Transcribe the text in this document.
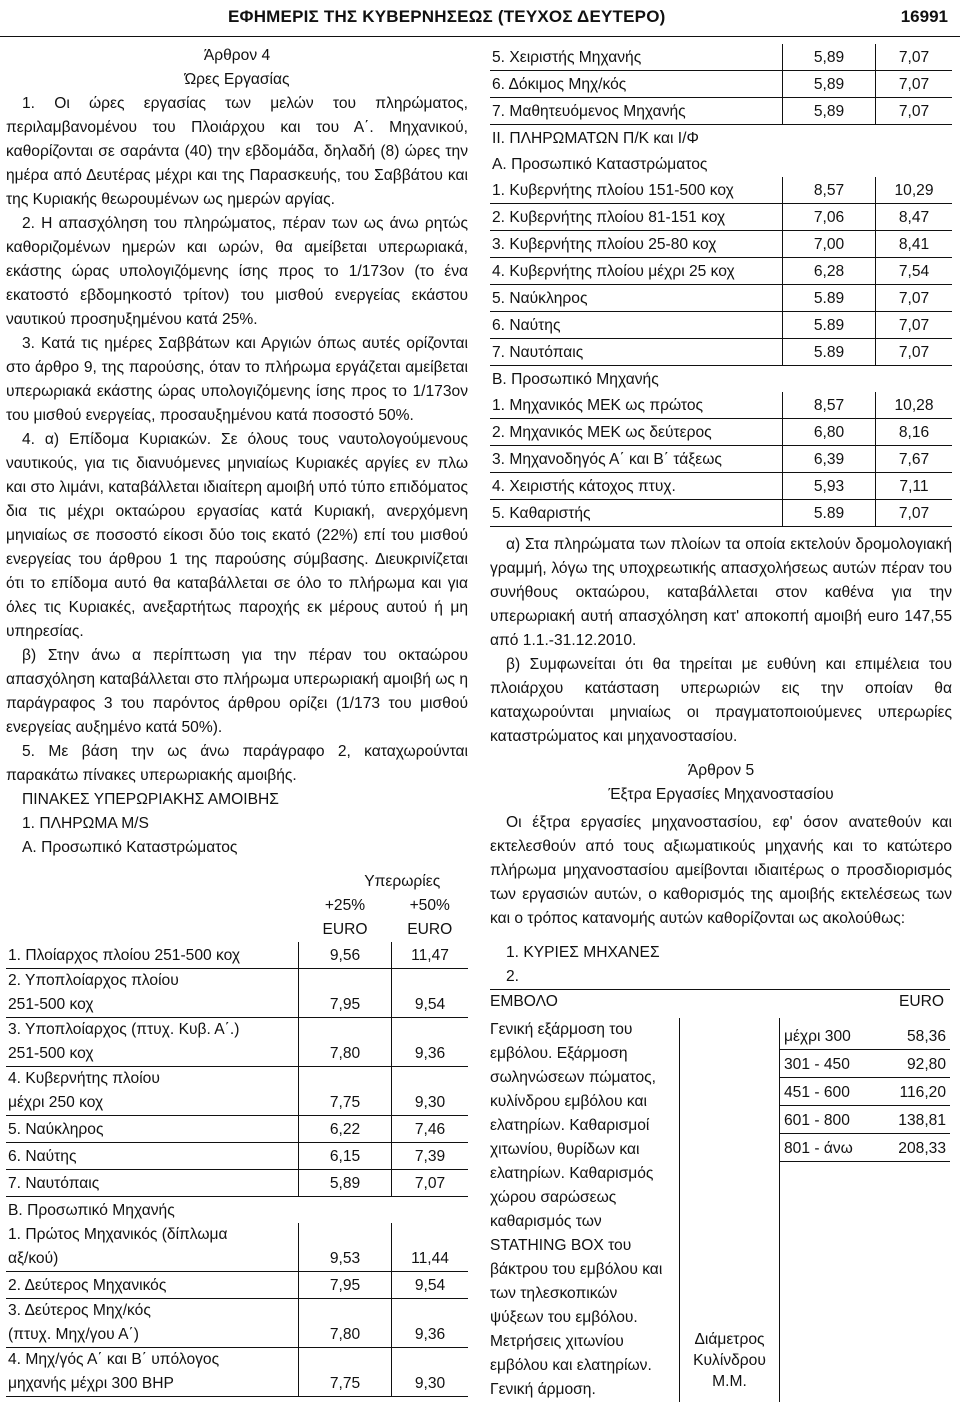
ΕΦΗΜΕΡΙΣ ΤΗΣ ΚΥΒΕΡΝΗΣΕΩΣ (ΤΕΥΧΟΣ ΔΕΥΤΕΡΟ)	16991
Άρθρον 4
Ώρες Εργασίας

1. Οι ώρες εργασίας των μελών του πληρώματος, περιλαμβανομένου του Πλοιάρχου και του Α΄. Μηχανικού, καθορίζονται σε σαράντα (40) την εβδομάδα, δηλαδή (8) ώρες την ημέρα από Δευτέρας μέχρι και της Παρασκευής, του Σαββάτου και της Κυριακής θεωρουμένων ως ημερών αργίας.

2. Η απασχόληση του πληρώματος, πέραν των ως άνω ρητώς καθοριζομένων ημερών και ωρών, θα αμείβεται υπερωριακά, εκάστης ώρας υπολογιζόμενης ίσης προς το 1/173ον (το ένα εκατοστό εβδομηκοστό τρίτον) του μισθού ενεργείας εκάστου ναυτικού προσηυξημένου κατά 25%.

3. Κατά τις ημέρες Σαββάτων και Αργιών όπως αυτές ορίζονται στο άρθρο 9, της παρούσης, όταν το πλήρωμα εργάζεται αμείβεται υπερωριακά εκάστης ώρας υπολογιζόμενης ίσης προς το 1/173ον του μισθού ενεργείας, προσαυξημένου κατά ποσοστό 50%.

4. α) Επίδομα Κυριακών. Σε όλους τους ναυτολογούμενους ναυτικούς, για τις διανυόμενες μηνιαίως Κυριακές αργίες εν πλω και στο λιμάνι, καταβάλλεται ιδιαίτερη αμοιβή υπό τύπο επιδόματος δια τις μέχρι οκταώρου εργασίας κατά Κυριακή, ανερχόμενη μηνιαίως σε ποσοστό είκοσι δύο τοις εκατό (22%) επί του μισθού ενεργείας του άρθρου 1 της παρούσης σύμβασης. Διευκρινίζεται ότι το επίδομα αυτό θα καταβάλλεται σε όλο το πλήρωμα και για όλες τις Κυριακές, ανεξαρτήτως παροχής εκ μέρους αυτού ή μη υπηρεσίας.

β) Στην άνω α περίπτωση για την πέραν του οκταώρου απασχόληση καταβάλλεται στο πλήρωμα υπερωριακή αμοιβή ως η παράγραφος 3 του παρόντος άρθρου ορίζει (1/173 του μισθού ενεργείας αυξημένο κατά 50%).

5. Με βάση την ως άνω παράγραφο 2, καταχωρούνται παρακάτω πίνακες υπερωριακής αμοιβής.

ΠΙΝΑΚΕΣ ΥΠΕΡΩΡΙΑΚΗΣ ΑΜΟΙΒΗΣ
1. ΠΛΗΡΩΜΑ Μ/S
Α. Προσωπικό Καταστρώματος
	Υπερωρίες	
	+25%	+50%
	EURO	EURO
1. Πλοίαρχος πλοίου 251-500 κοχ	9,56	11,47
2. Υποπλοίαρχος πλοίου
251-500 κοχ	7,95	9,54
3. Υποπλοίαρχος (πτυχ. Κυβ. Α΄.)
251-500 κοχ	7,80	9,36
4. Κυβερνήτης πλοίου
μέχρι 250 κοχ	7,75	9,30
5. Ναύκληρος	6,22	7,46
6. Ναύτης	6,15	7,39
7. Ναυτόπαις	5,89	7,07
Β. Προσωπικό Μηχανής		
1. Πρώτος Μηχανικός (δίπλωμα
αξ/κού)	9,53	11,44
2. Δεύτερος Μηχανικός	7,95	9,54
3. Δεύτερος Μηχ/κός
(πτυχ. Μηχ/γου Α΄)	7,80	9,36
4. Μηχ/γός Α΄ και Β΄ υπόλογος
μηχανής μέχρι 300 ΒΗΡ	7,75	9,30
5. Χειριστής Μηχανής	5,89	7,07
6. Δόκιμος Μηχ/κός	5,89	7,07
7. Μαθητευόμενος Μηχανής	5,89	7,07
ΙΙ. ΠΛΗΡΩΜΑΤΩΝ Π/Κ και Ι/Φ		
Α. Προσωπικό Καταστρώματος		
1. Κυβερνήτης πλοίου 151-500 κοχ	8,57	10,29
2. Κυβερνήτης πλοίου 81-151 κοχ	7,06	8,47
3. Κυβερνήτης πλοίου 25-80 κοχ	7,00	8,41
4. Κυβερνήτης πλοίου μέχρι 25 κοχ	6,28	7,54
5. Ναύκληρος	5.89	7,07
6. Ναύτης	5.89	7,07
7. Ναυτόπαις	5.89	7,07
Β. Προσωπικό Μηχανής		
1. Μηχανικός ΜΕΚ ως πρώτος	8,57	10,28
2. Μηχανικός ΜΕΚ ως δεύτερος	6,80	8,16
3. Μηχανοδηγός Α΄ και Β΄ τάξεως	6,39	7,67
4. Χειριστής κάτοχος πτυχ.	5,93	7,11
5. Καθαριστής	5.89	7,07

α) Στα πληρώματα των πλοίων τα οποία εκτελούν δρομολογιακή γραμμή, λόγω της υποχρεωτικής απασχολήσεως αυτών πέραν του συνήθους οκταώρου, καταβάλλεται στον καθένα για την υπερωριακή αυτή απασχόληση κατ' αποκοπή αμοιβή euro 147,55 από 1.1.-31.12.2010.

β) Συμφωνείται ότι θα τηρείται με ευθύνη και επιμέλεια του πλοιάρχου κατάσταση υπερωριών εις την οποίαν θα καταχωρούνται μηνιαίως οι πραγματοποιούμενες υπερωρίες καταστρώματος και μηχανοστασίου.

Άρθρον 5
Έξτρα Εργασίες Μηχανοστασίου

Οι έξτρα εργασίες μηχανοστασίου, εφ' όσον ανατεθούν και εκτελεσθούν από τους αξιωματικούς μηχανής και το κατώτερο πλήρωμα μηχανοστασίου αμείβονται ιδιαιτέρως ο προσδιορισμός των εργασιών αυτών, ο καθορισμός της αμοιβής εκτελέσεως των και ο τρόπος κατανομής αυτών καθορίζονται ως ακολούθως:

1. ΚΥΡΙΕΣ ΜΗΧΑΝΕΣ
2.
ΕΜΒΟΛΟ	EURO
Γενική εξάρμοση του εμβόλου. Εξάρμοση σωληνώσεων πώματος, κυλίνδρου εμβόλου και ελατηρίων. Καθαρισμοί χιτωνίου, θυρίδων και ελατηρίων. Καθαρισμός χώρου σαρώσεως καθαρισμός των STATHING BOX του βάκτρου του εμβόλου και των τηλεσκοπικών ψύξεων του εμβόλου. Μετρήσεις χιτωνίου εμβόλου και ελατηρίων. Γενική άρμοση.
Διάμετρος
Κυλίνδρου
Μ.Μ.
μέχρι 300	58,36
301 - 450	92,80
451 - 600	116,20
601 - 800	138,81
801 - άνω	208,33
